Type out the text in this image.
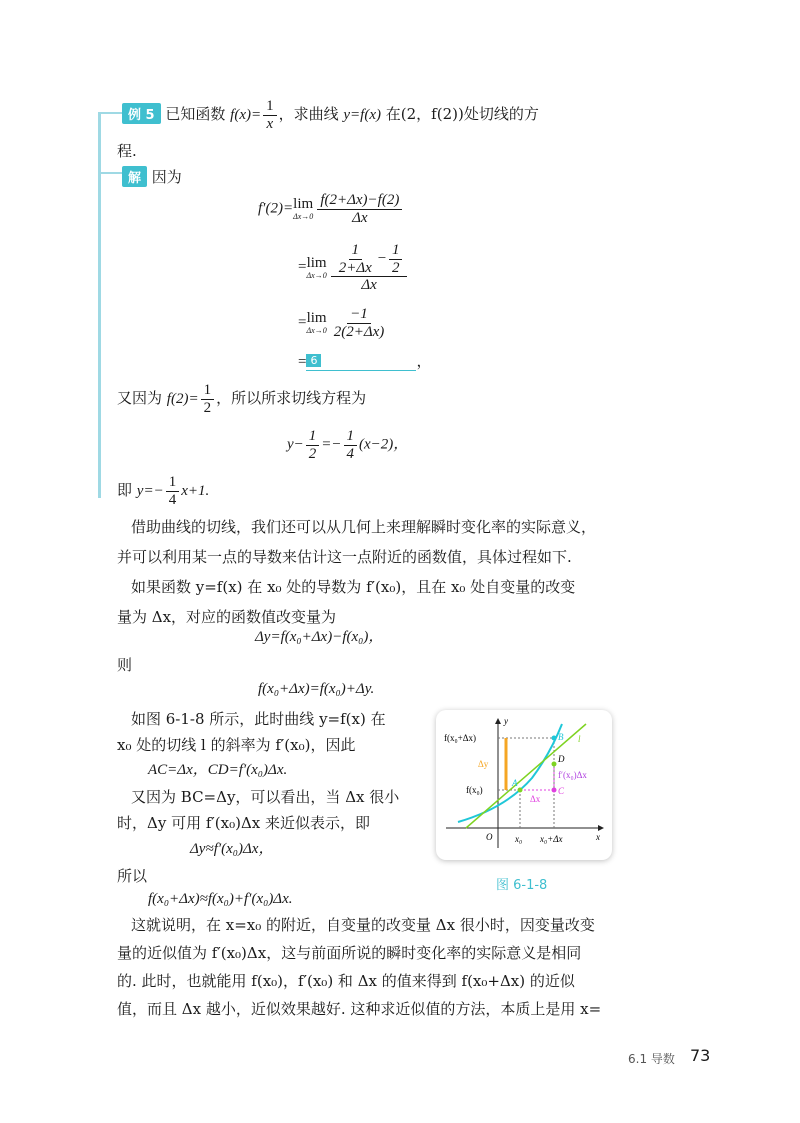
例 5 已知函数 $f(x)= \frac{1}{x}$ ，求曲线 y=f(x) 在(2，f(2))处切线的方
程.
解 因为
f′(2)= lim
$\Delta x\to 0 \frac{f(2+\Delta x)-f(2)}{\Delta x}$
= lim
$\Delta x\to 0 \frac{\frac{1}{2+\Delta x} - \frac{1}{2}}{\Delta x}$
= lim
$\Delta x\to 0 \frac{-1}{2(2+\Delta x)}$
= 6	，
又因为 $f(2)= \frac{1}{2}$ ，所以所求切线方程为
$y- \frac{1}{2} =- \frac{1}{4} (x-2)$，
即 $y=- \frac{1}{4} x+1$.
借助曲线的切线，我们还可以从几何上来理解瞬时变化率的实际意义，
并可以利用某一点的导数来估计这一点附近的函数值，具体过程如下.
如果函数 y=f(x) 在 x₀ 处的导数为 f′(x₀)，且在 x₀ 处自变量的改变
量为 Δx，对应的函数值改变量为
Δy=f(x₀+Δx)−f(x₀)，
则
f(x₀+Δx)=f(x₀)+Δy.
如图 6-1-8 所示，此时曲线 y=f(x) 在
x₀ 处的切线 l 的斜率为 f′(x₀)，因此
AC=Δx，CD=f′(x₀)Δx.
又因为 BC=Δy，可以看出，当 Δx 很小
时，Δy 可用 f′(x₀)Δx 来近似表示，即
Δy≈f′(x₀)Δx，
所以
f(x₀+Δx)≈f(x₀)+f′(x₀)Δx.
这就说明，在 x=x₀ 的附近，自变量的改变量 Δx 很小时，因变量改变
量的近似值为 f′(x₀)Δx，这与前面所说的瞬时变化率的实际意义是相同
的. 此时，也就能用 f(x₀)，f′(x₀) 和 Δx 的值来得到 f(x₀+Δx) 的近似
值，而且 Δx 越小，近似效果越好. 这种求近似值的方法，本质上是用 x=
y
x
O
f(x₀+Δx)
f(x₀)
Δy
Δx
f′(x₀)Δx
B
D
A
C
l
x₀ x₀+Δx
图 6-1-8
6.1 导数 73
